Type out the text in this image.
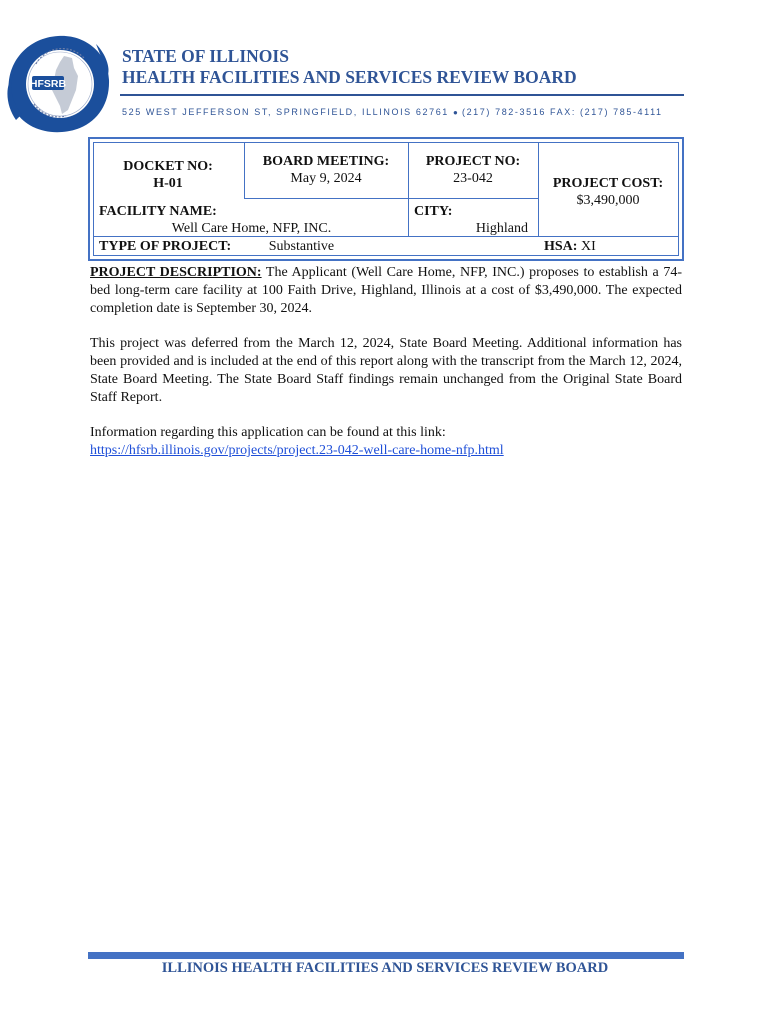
HFSRB
STATE OF ILLINOIS
HEALTH FACILITIES AND SERVICES REVIEW BOARD
525 WEST JEFFERSON ST, SPRINGFIELD, ILLINOIS 62761 ● (217) 782-3516 FAX: (217) 785-4111
DOCKET NO:
H-01
BOARD MEETING:
May 9, 2024
PROJECT NO:
23-042	PROJECT COST:
$3,490,000
FACILITY NAME:
Well Care Home, NFP, INC.
CITY:
Highland
TYPE OF PROJECT:	Substantive	HSA: XI
PROJECT DESCRIPTION: The Applicant (Well Care Home, NFP, INC.) proposes to establish a 74-bed long-term care facility at 100 Faith Drive, Highland, Illinois at a cost of $3,490,000. The expected completion date is September 30, 2024.
This project was deferred from the March 12, 2024, State Board Meeting. Additional information has been provided and is included at the end of this report along with the transcript from the March 12, 2024, State Board Meeting. The State Board Staff findings remain unchanged from the Original State Board Staff Report.
Information regarding this application can be found at this link:
https://hfsrb.illinois.gov/projects/project.23-042-well-care-home-nfp.html
ILLINOIS HEALTH FACILITIES AND SERVICES REVIEW BOARD
